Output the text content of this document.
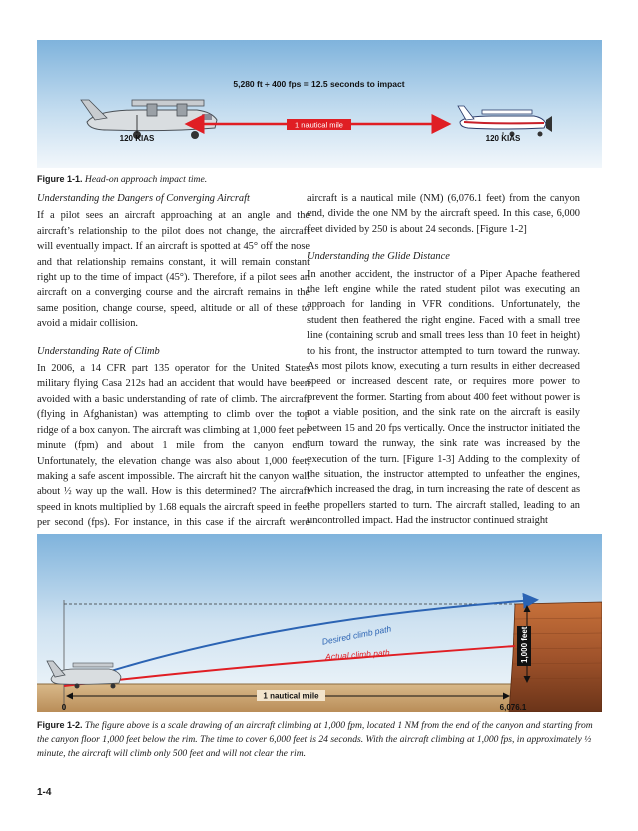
1 nautical mile
5,280 ft ÷ 400 fps = 12.5 seconds to impact
120 KIAS	120 KIAS
Figure 1-1. Head-on approach impact time.

Understanding the Dangers of Converging Aircraft

If a pilot sees an aircraft approaching at an angle and the aircraft’s relationship to the pilot does not change, the aircraft will eventually impact. If an aircraft is spotted at 45° off the nose and that relationship remains constant, it will remain constant right up to the time of impact (45°). Therefore, if a pilot sees an aircraft on a converging course and the aircraft remains in the same position, change course, speed, altitude or all of these to avoid a midair collision.

Understanding Rate of Climb

In 2006, a 14 CFR part 135 operator for the United States military flying Casa 212s had an accident that would have been avoided with a basic understanding of rate of climb. The aircraft (flying in Afghanistan) was attempting to climb over the top ridge of a box canyon. The aircraft was climbing at 1,000 feet per minute (fpm) and about 1 mile from the canyon end. Unfortunately, the elevation change was also about 1,000 feet, making a safe ascent impossible. The aircraft hit the canyon wall about ½ way up the wall. How is this determined? The aircraft speed in knots multiplied by 1.68 equals the aircraft speed in feet per second (fps). For instance, in this case if the aircraft were

aircraft is a nautical mile (NM) (6,076.1 feet) from the canyon end, divide the one NM by the aircraft speed. In this case, 6,000 feet divided by 250 is about 24 seconds. [Figure 1-2]

Understanding the Glide Distance

In another accident, the instructor of a Piper Apache feathered the left engine while the rated student pilot was executing an approach for landing in VFR conditions. Unfortunately, the student then feathered the right engine. Faced with a small tree line (containing scrub and small trees less than 10 feet in height) to his front, the instructor attempted to turn toward the runway. As most pilots know, executing a turn results in either decreased speed or increased descent rate, or requires more power to prevent the former. Starting from about 400 feet without power is not a viable position, and the sink rate on the aircraft is easily between 15 and 20 fps vertically. Once the instructor initiated the turn toward the runway, the sink rate was increased by the execution of the turn. [Figure 1-3] Adding to the complexity of the situation, the instructor attempted to unfeather the engines, which increased the drag, in turn increasing the rate of descent as the propellers started to turn. The aircraft stalled, leading to an uncontrolled impact. Had the instructor continued straight

Desired climb path
Actual climb path	1,000 feet
1 nautical mile
0	6,076.1
Figure 1-2. The figure above is a scale drawing of an aircraft climbing at 1,000 fpm, located 1 NM from the end of the canyon and starting from the canyon floor 1,000 feet below the rim. The time to cover 6,000 feet is 24 seconds. With the aircraft climbing at 1,000 fps, in approximately ½ minute, the aircraft will climb only 500 feet and will not clear the rim.
1-4
